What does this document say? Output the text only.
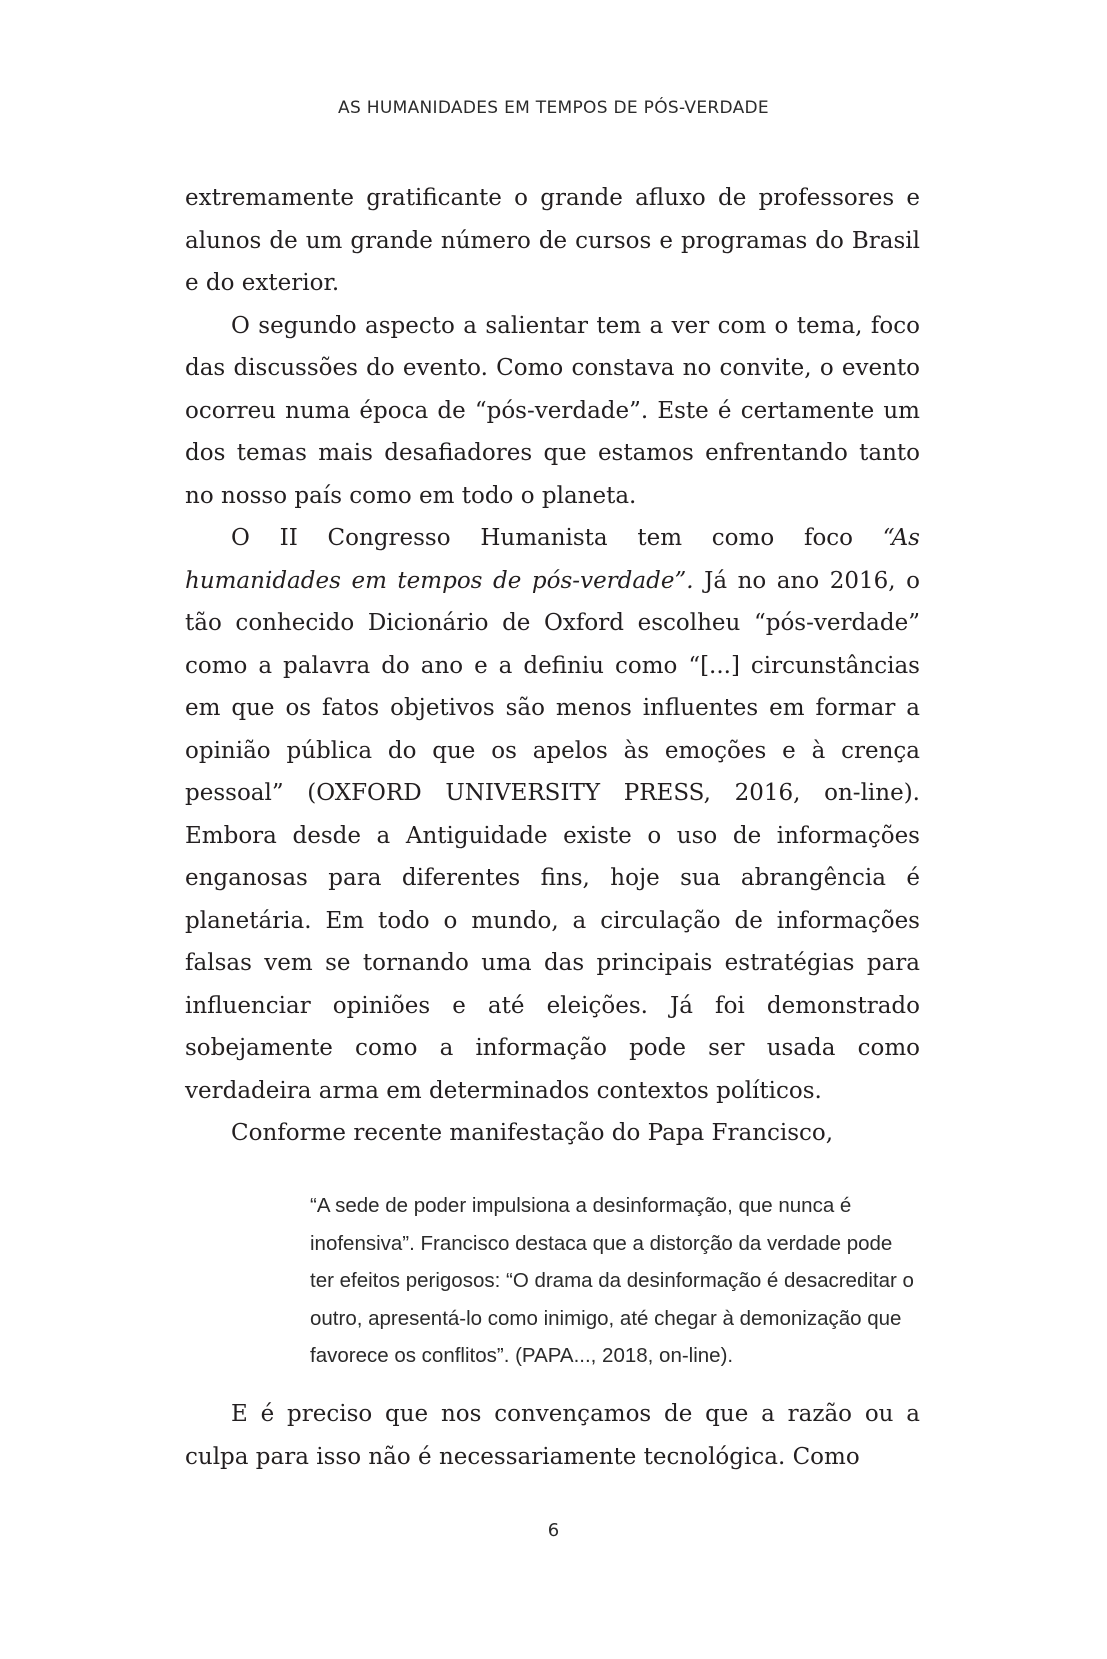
AS HUMANIDADES EM TEMPOS DE PÓS-VERDADE

extremamente gratificante o grande afluxo de professores e alunos de um grande número de cursos e programas do Brasil e do exterior.

O segundo aspecto a salientar tem a ver com o tema, foco das discussões do evento. Como constava no convite, o evento ocorreu numa época de “pós-verdade”. Este é certamente um dos temas mais desafiadores que estamos enfrentando tanto no nosso país como em todo o planeta.

O II Congresso Humanista tem como foco “As humanidades em tempos de pós-verdade”. Já no ano 2016, o tão conhecido Dicionário de Oxford escolheu “pós-verdade” como a palavra do ano e a definiu como “[...] circunstâncias em que os fatos objetivos são menos influentes em formar a opinião pública do que os apelos às emoções e à crença pessoal” (OXFORD UNIVERSITY PRESS, 2016, on-line). Embora desde a Antiguidade existe o uso de informações enganosas para diferentes fins, hoje sua abrangência é planetária. Em todo o mundo, a circulação de informações falsas vem se tornando uma das principais estratégias para influenciar opiniões e até eleições. Já foi demonstrado sobejamente como a informação pode ser usada como verdadeira arma em determinados contextos políticos.

Conforme recente manifestação do Papa Francisco,

“A sede de poder impulsiona a desinformação, que nunca é inofensiva”. Francisco destaca que a distorção da verdade pode ter efeitos perigosos: “O drama da desinformação é desacreditar o outro, apresentá-lo como inimigo, até chegar à demonização que favorece os conflitos”. (PAPA..., 2018, on-line).

E é preciso que nos convençamos de que a razão ou a culpa para isso não é necessariamente tecnológica. Como

6
